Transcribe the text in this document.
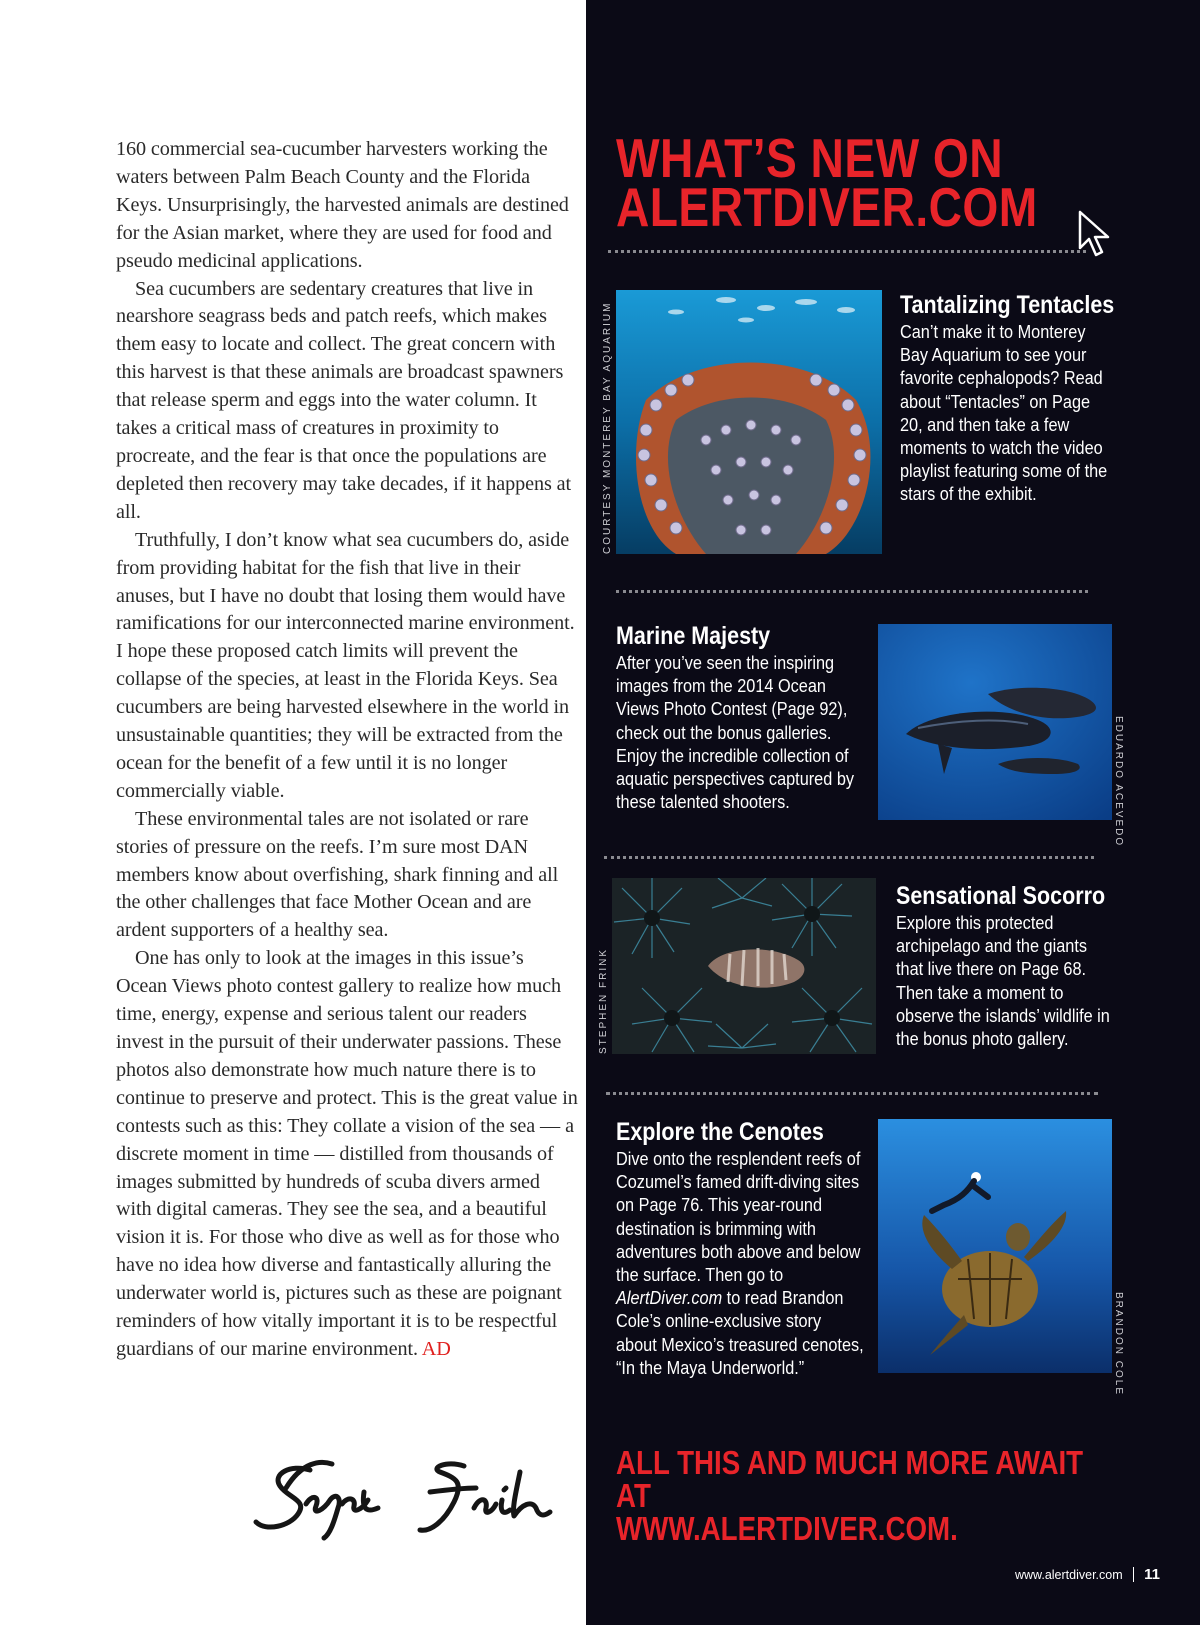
160 commercial sea-cucumber harvesters working the waters between Palm Beach County and the Florida Keys. Unsurprisingly, the harvested animals are destined for the Asian market, where they are used for food and pseudo medicinal applications.

Sea cucumbers are sedentary creatures that live in nearshore seagrass beds and patch reefs, which makes them easy to locate and collect. The great concern with this harvest is that these animals are broadcast spawners that release sperm and eggs into the water column. It takes a critical mass of creatures in proximity to procreate, and the fear is that once the populations are depleted then recovery may take decades, if it happens at all.

Truthfully, I don’t know what sea cucumbers do, aside from providing habitat for the fish that live in their anuses, but I have no doubt that losing them would have ramifications for our interconnected marine environment. I hope these proposed catch limits will prevent the collapse of the species, at least in the Florida Keys. Sea cucumbers are being harvested elsewhere in the world in unsustainable quantities; they will be extracted from the ocean for the benefit of a few until it is no longer commercially viable.

These environmental tales are not isolated or rare stories of pressure on the reefs. I’m sure most DAN members know about overfishing, shark finning and all the other challenges that face Mother Ocean and are ardent supporters of a healthy sea.

One has only to look at the images in this issue’s Ocean Views photo contest gallery to realize how much time, energy, expense and serious talent our readers invest in the pursuit of their underwater passions. These photos also demonstrate how much nature there is to continue to preserve and protect. This is the great value in contests such as this: They collate a vision of the sea — a discrete moment in time — distilled from thousands of images submitted by hundreds of scuba divers armed with digital cameras. They see the sea, and a beautiful vision it is. For those who dive as well as for those who have no idea how diverse and fantastically alluring the underwater world is, pictures such as these are poignant reminders of how vitally important it is to be respectful guardians of our marine environment. AD

WHAT’S NEW ON
ALERTDIVER.COM
COURTESY MONTEREY BAY AQUARIUM	Tantalizing Tentacles
Can’t make it to Monterey Bay Aquarium to see your favorite cephalopods? Read about “Tentacles” on Page 20, and then take a few moments to watch the video playlist featuring some of the stars of the exhibit.
Marine Majesty
After you’ve seen the inspiring images from the 2014 Ocean Views Photo Contest (Page 92), check out the bonus galleries. Enjoy the incredible collection of aquatic perspectives captured by these talented shooters.	EDUARDO ACEVEDO
STEPHEN FRINK
Sensational Socorro
Explore this protected archipelago and the giants that live there on Page 68. Then take a moment to observe the islands’ wildlife in the bonus photo gallery.
Explore the Cenotes
Dive onto the resplendent reefs of Cozumel’s famed drift-diving sites on Page 76. This year-round destination is brimming with adventures both above and below the surface. Then go to AlertDiver.com to read Brandon Cole’s online-exclusive story about Mexico’s treasured cenotes, “In the Maya Underworld.”	BRANDON COLE
ALL THIS AND MUCH MORE AWAIT AT
WWW.ALERTDIVER.COM.
www.alertdiver.com 11
